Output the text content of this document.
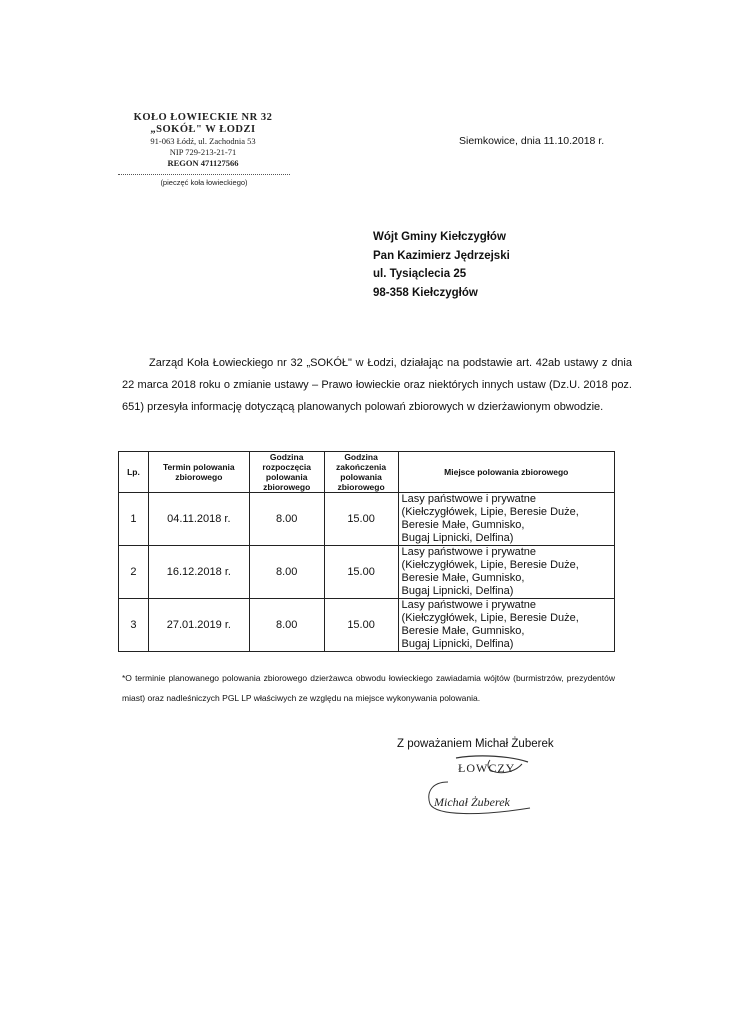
KOŁO ŁOWIECKIE NR 32
„SOKÓŁ" W ŁODZI
91-063 Łódź, ul. Zachodnia 53
NIP 729-213-21-71
REGON 471127566
(pieczęć koła łowieckiego)
Siemkowice, dnia 11.10.2018 r.
Wójt Gminy Kiełczygłów
Pan Kazimierz Jędrzejski
ul. Tysiąclecia 25
98-358 Kiełczygłów
Zarząd Koła Łowieckiego nr 32 „SOKÓŁ" w Łodzi, działając na podstawie art. 42ab ustawy z dnia 22 marca 2018 roku o zmianie ustawy – Prawo łowieckie oraz niektórych innych ustaw (Dz.U. 2018 poz. 651) przesyła informację dotyczącą planowanych polowań zbiorowych w dzierżawionym obwodzie.
Lp.	Termin polowania zbiorowego	Godzina rozpoczęcia polowania zbiorowego	Godzina zakończenia polowania zbiorowego	Miejsce polowania zbiorowego
1	04.11.2018 r.	8.00	15.00	Lasy państwowe i prywatne
(Kiełczygłówek, Lipie, Beresie Duże,
Beresie Małe, Gumnisko,
Bugaj Lipnicki, Delfina)

2	16.12.2018 r.	8.00	15.00	Lasy państwowe i prywatne
(Kiełczygłówek, Lipie, Beresie Duże,
Beresie Małe, Gumnisko,
Bugaj Lipnicki, Delfina)

3	27.01.2019 r.	8.00	15.00	Lasy państwowe i prywatne
(Kiełczygłówek, Lipie, Beresie Duże,
Beresie Małe, Gumnisko,
Bugaj Lipnicki, Delfina)
*O terminie planowanego polowania zbiorowego dzierżawca obwodu łowieckiego zawiadamia wójtów (burmistrzów, prezydentów miast) oraz nadleśniczych PGL LP właściwych ze względu na miejsce wykonywania polowania.
Z poważaniem Michał Żuberek
ŁOWCZY
Michał Żuberek
